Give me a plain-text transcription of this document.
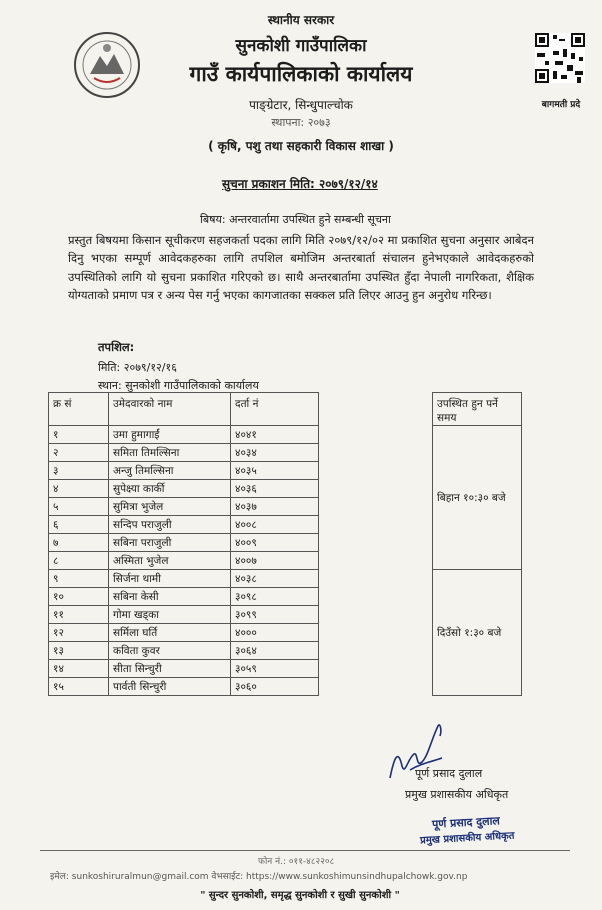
स्थानीय सरकार
सुनकोशी गाउँपालिका
गाउँ कार्यपालिकाको कार्यालय
पाङ्ग्रेटार, सिन्धुपाल्चोक
स्थापना: २०७३
( कृषि, पशु तथा सहकारी विकास शाखा )
बागमती प्रदे
सुचना प्रकाशन मिति: २०७९/१२/१४
बिषय: अन्तरवार्तामा उपस्थित हुने सम्बन्धी सूचना
प्रस्तुत बिषयमा किसान सूचीकरण सहजकर्ता पदका लागि मिति २०७९/१२/०२ मा प्रकाशित सुचना अनुसार आबेदन दिनु भएका सम्पूर्ण आवेदकहरुका लागि तपशिल बमोजिम अन्तरबार्ता संचालन हुनेभएकाले आवेदकहरुको उपस्थितिको लागि यो सुचना प्रकाशित गरिएको छ। साथै अन्तरबार्तामा उपस्थित हुँदा नेपाली नागरिकता, शैक्षिक योग्यताको प्रमाण पत्र र अन्य पेस गर्नु भएका कागजातका सक्कल प्रति लिएर आउनु हुन अनुरोध गरिन्छ।
तपशिल:
मिति: २०७९/१२/१६
स्थान: सुनकोशी गाउँपालिकाको कार्यालय
क्र सं	उमेदवारको नाम	दर्ता नं		उपस्थित हुन पर्ने समय
१	उमा हुमागाईं	४०४१		बिहान १०:३० बजे
२	समिता तिमल्सिना	४०३४		
३	अन्जु तिमल्सिना	४०३५		
४	सुपेक्ष्या कार्की	४०३६		
५	सुमित्रा भुजेल	४०३७		
६	सन्दिप पराजुली	४००८		
७	सबिना पराजुली	४००९		
८	अस्मिता भुजेल	४००७		
९	सिर्जना थामी	४०३८		दिउँसो १:३० बजे
१०	सबिना केसी	३०९८		
११	गोमा खड्का	३०९९		
१२	सर्मिला घर्ति	४०००		
१३	कविता कुवर	३०६४		
१४	सीता सिन्चुरी	३०५९		
१५	पार्वती सिन्चुरी	३०६०		
पूर्ण प्रसाद दुलाल
प्रमुख प्रशासकीय अधिकृत
पूर्ण प्रसाद दुलाल
प्रमुख प्रशासकीय अधिकृत
फोन नं.: ०११-४८२२०८
इमेल: sunkoshiruralmun@gmail.com वेभसाईट: https://www.sunkoshimunsindhupalchowk.gov.np
" सुन्दर सुनकोशी, समृद्ध सुनकोशी र सुखी सुनकोशी "
